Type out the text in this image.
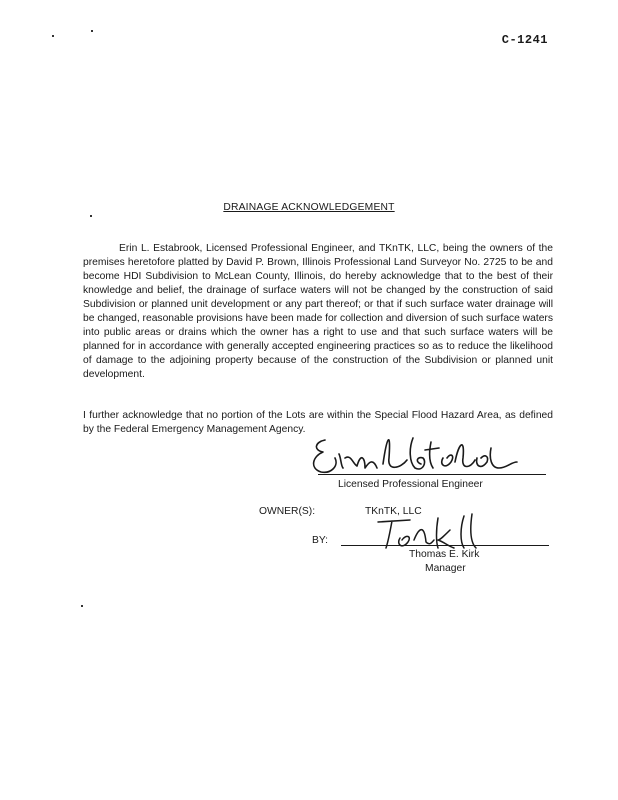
C-1241
DRAINAGE ACKNOWLEDGEMENT

Erin L. Estabrook, Licensed Professional Engineer, and TKnTK, LLC, being the owners of the premises heretofore platted by David P. Brown, Illinois Professional Land Surveyor No. 2725 to be and become HDI Subdivision to McLean County, Illinois, do hereby acknowledge that to the best of their knowledge and belief, the drainage of surface waters will not be changed by the construction of said Subdivision or planned unit development or any part thereof; or that if such surface water drainage will be changed, reasonable provisions have been made for collection and diversion of such surface waters into public areas or drains which the owner has a right to use and that such surface waters will be planned for in accordance with generally accepted engineering practices so as to reduce the likelihood of damage to the adjoining property because of the construction of the Subdivision or planned unit development.

I further acknowledge that no portion of the Lots are within the Special Flood Hazard Area, as defined by the Federal Emergency Management Agency.

Licensed Professional Engineer
OWNER(S):	TKnTK, LLC
BY:
Thomas E. Kirk
Manager
